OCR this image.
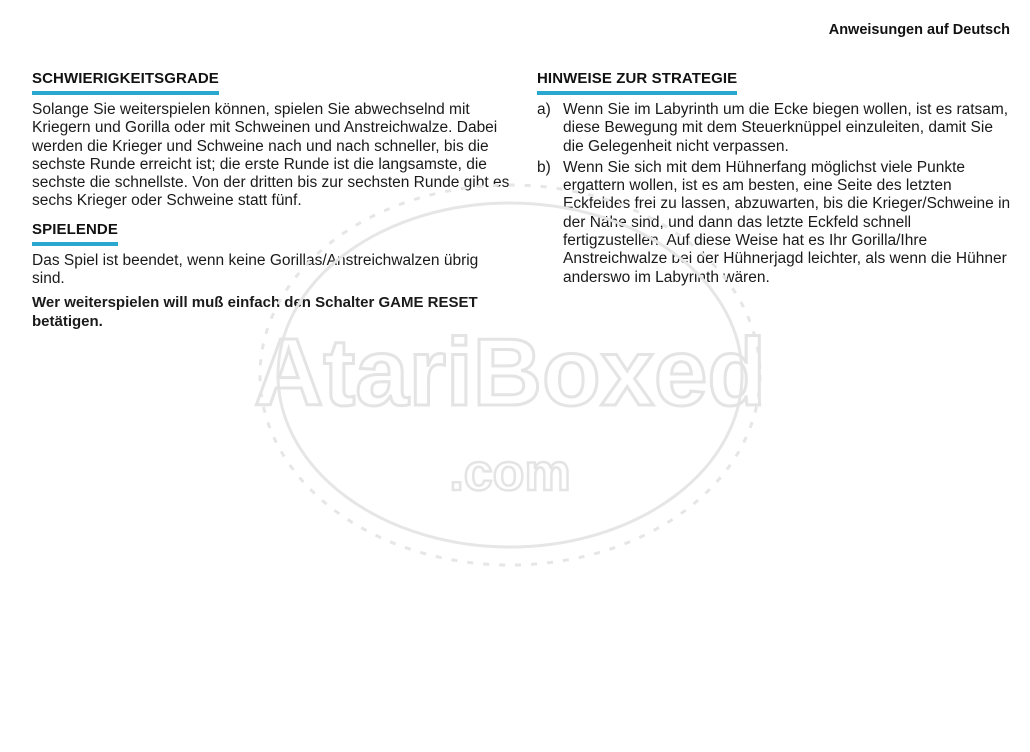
Anweisungen auf Deutsch
SCHWIERIGKEITSGRADE

Solange Sie weiterspielen können, spielen Sie abwechselnd mit Kriegern und Gorilla oder mit Schweinen und Anstreichwalze. Dabei werden die Krieger und Schweine nach und nach schneller, bis die sechste Runde erreicht ist; die erste Runde ist die langsamste, die sechste die schnellste. Von der dritten bis zur sechsten Runde gibt es sechs Krieger oder Schweine statt fünf.

SPIELENDE

Das Spiel ist beendet, wenn keine Gorillas/Anstreichwalzen übrig sind.

Wer weiterspielen will muß einfach den Schalter GAME RESET betätigen.

HINWEISE ZUR STRATEGIE
a) Wenn Sie im Labyrinth um die Ecke biegen wollen, ist es ratsam, diese Bewegung mit dem Steuerknüppel einzuleiten, damit Sie die Gelegenheit nicht verpassen.
b) Wenn Sie sich mit dem Hühnerfang möglichst viele Punkte ergattern wollen, ist es am besten, eine Seite des letzten Eckfeldes frei zu lassen, abzuwarten, bis die Krieger/Schweine in der Nähe sind, und dann das letzte Eckfeld schnell fertigzustellen. Auf diese Weise hat es Ihr Gorilla/Ihre Anstreichwalze bei der Hühnerjagd leichter, als wenn die Hühner anderswo im Labyrinth wären.
AtariBoxed
.com
